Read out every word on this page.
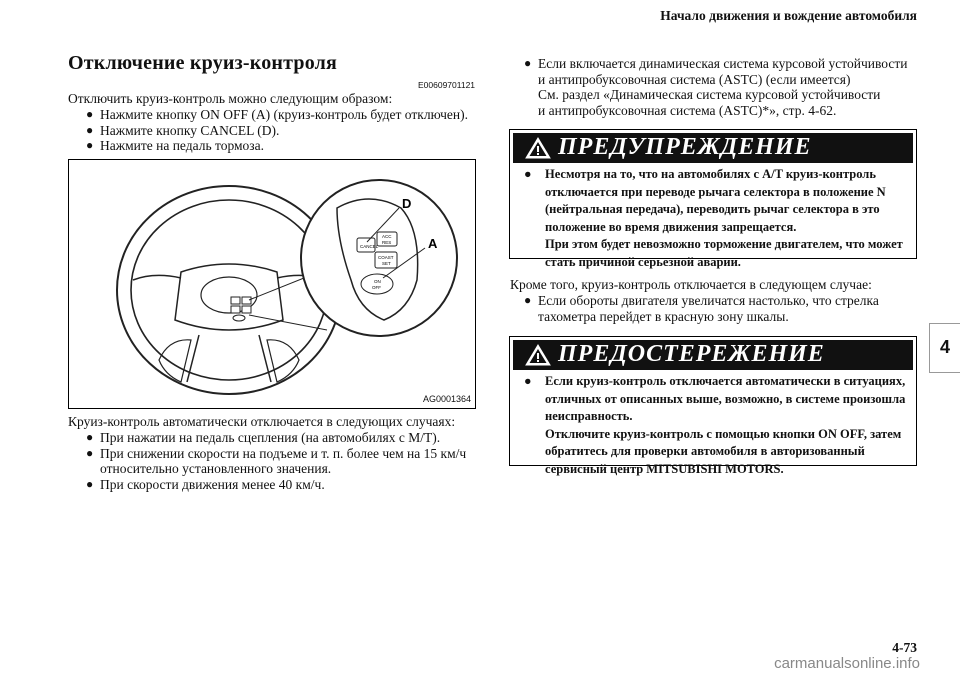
Начало движения и вождение автомобиля
Отключение круиз-контроля
E00609701121
Отключить круиз-контроль можно следующим образом:
● Нажмите кнопку ON OFF (A) (круиз-контроль будет отключен).
● Нажмите кнопку CANCEL (D).
● Нажмите на педаль тормоза.
CANCEL
ACC
RES
COAST
SET
ON
OFF
D
A
AG0001364
Круиз-контроль автоматически отключается в следующих случаях:
● При нажатии на педаль сцепления (на автомобилях с M/T).
● При снижении скорости на подъеме и т. п. более чем на 15 км/ч
относительно установленного значения.
● При скорости движения менее 40 км/ч.
● Если включается динамическая система курсовой устойчивости
и антипробуксовочная система (ASTC) (если имеется)
См. раздел «Динамическая система курсовой устойчивости
и антипробуксовочная система (ASTC)*», стр. 4-62.
ПРЕДУПРЕЖДЕНИЕ
● Несмотря на то, что на автомобилях с A/T круиз-контроль
отключается при переводе рычага селектора в положение N
(нейтральная передача), переводить рычаг селектора в это
положение во время движения запрещается.
При этом будет невозможно торможение двигателем, что может
стать причиной серьезной аварии.
Кроме того, круиз-контроль отключается в следующем случае:
● Если обороты двигателя увеличатся настолько, что стрелка
тахометра перейдет в красную зону шкалы.
ПРЕДОСТЕРЕЖЕНИЕ
● Если круиз-контроль отключается автоматически в ситуациях,
отличных от описанных выше, возможно, в системе произошла
неисправность.
Отключите круиз-контроль с помощью кнопки ON OFF, затем
обратитесь для проверки автомобиля в авторизованный
сервисный центр MITSUBISHI MOTORS.
4
4-73
carmanualsonline.info
